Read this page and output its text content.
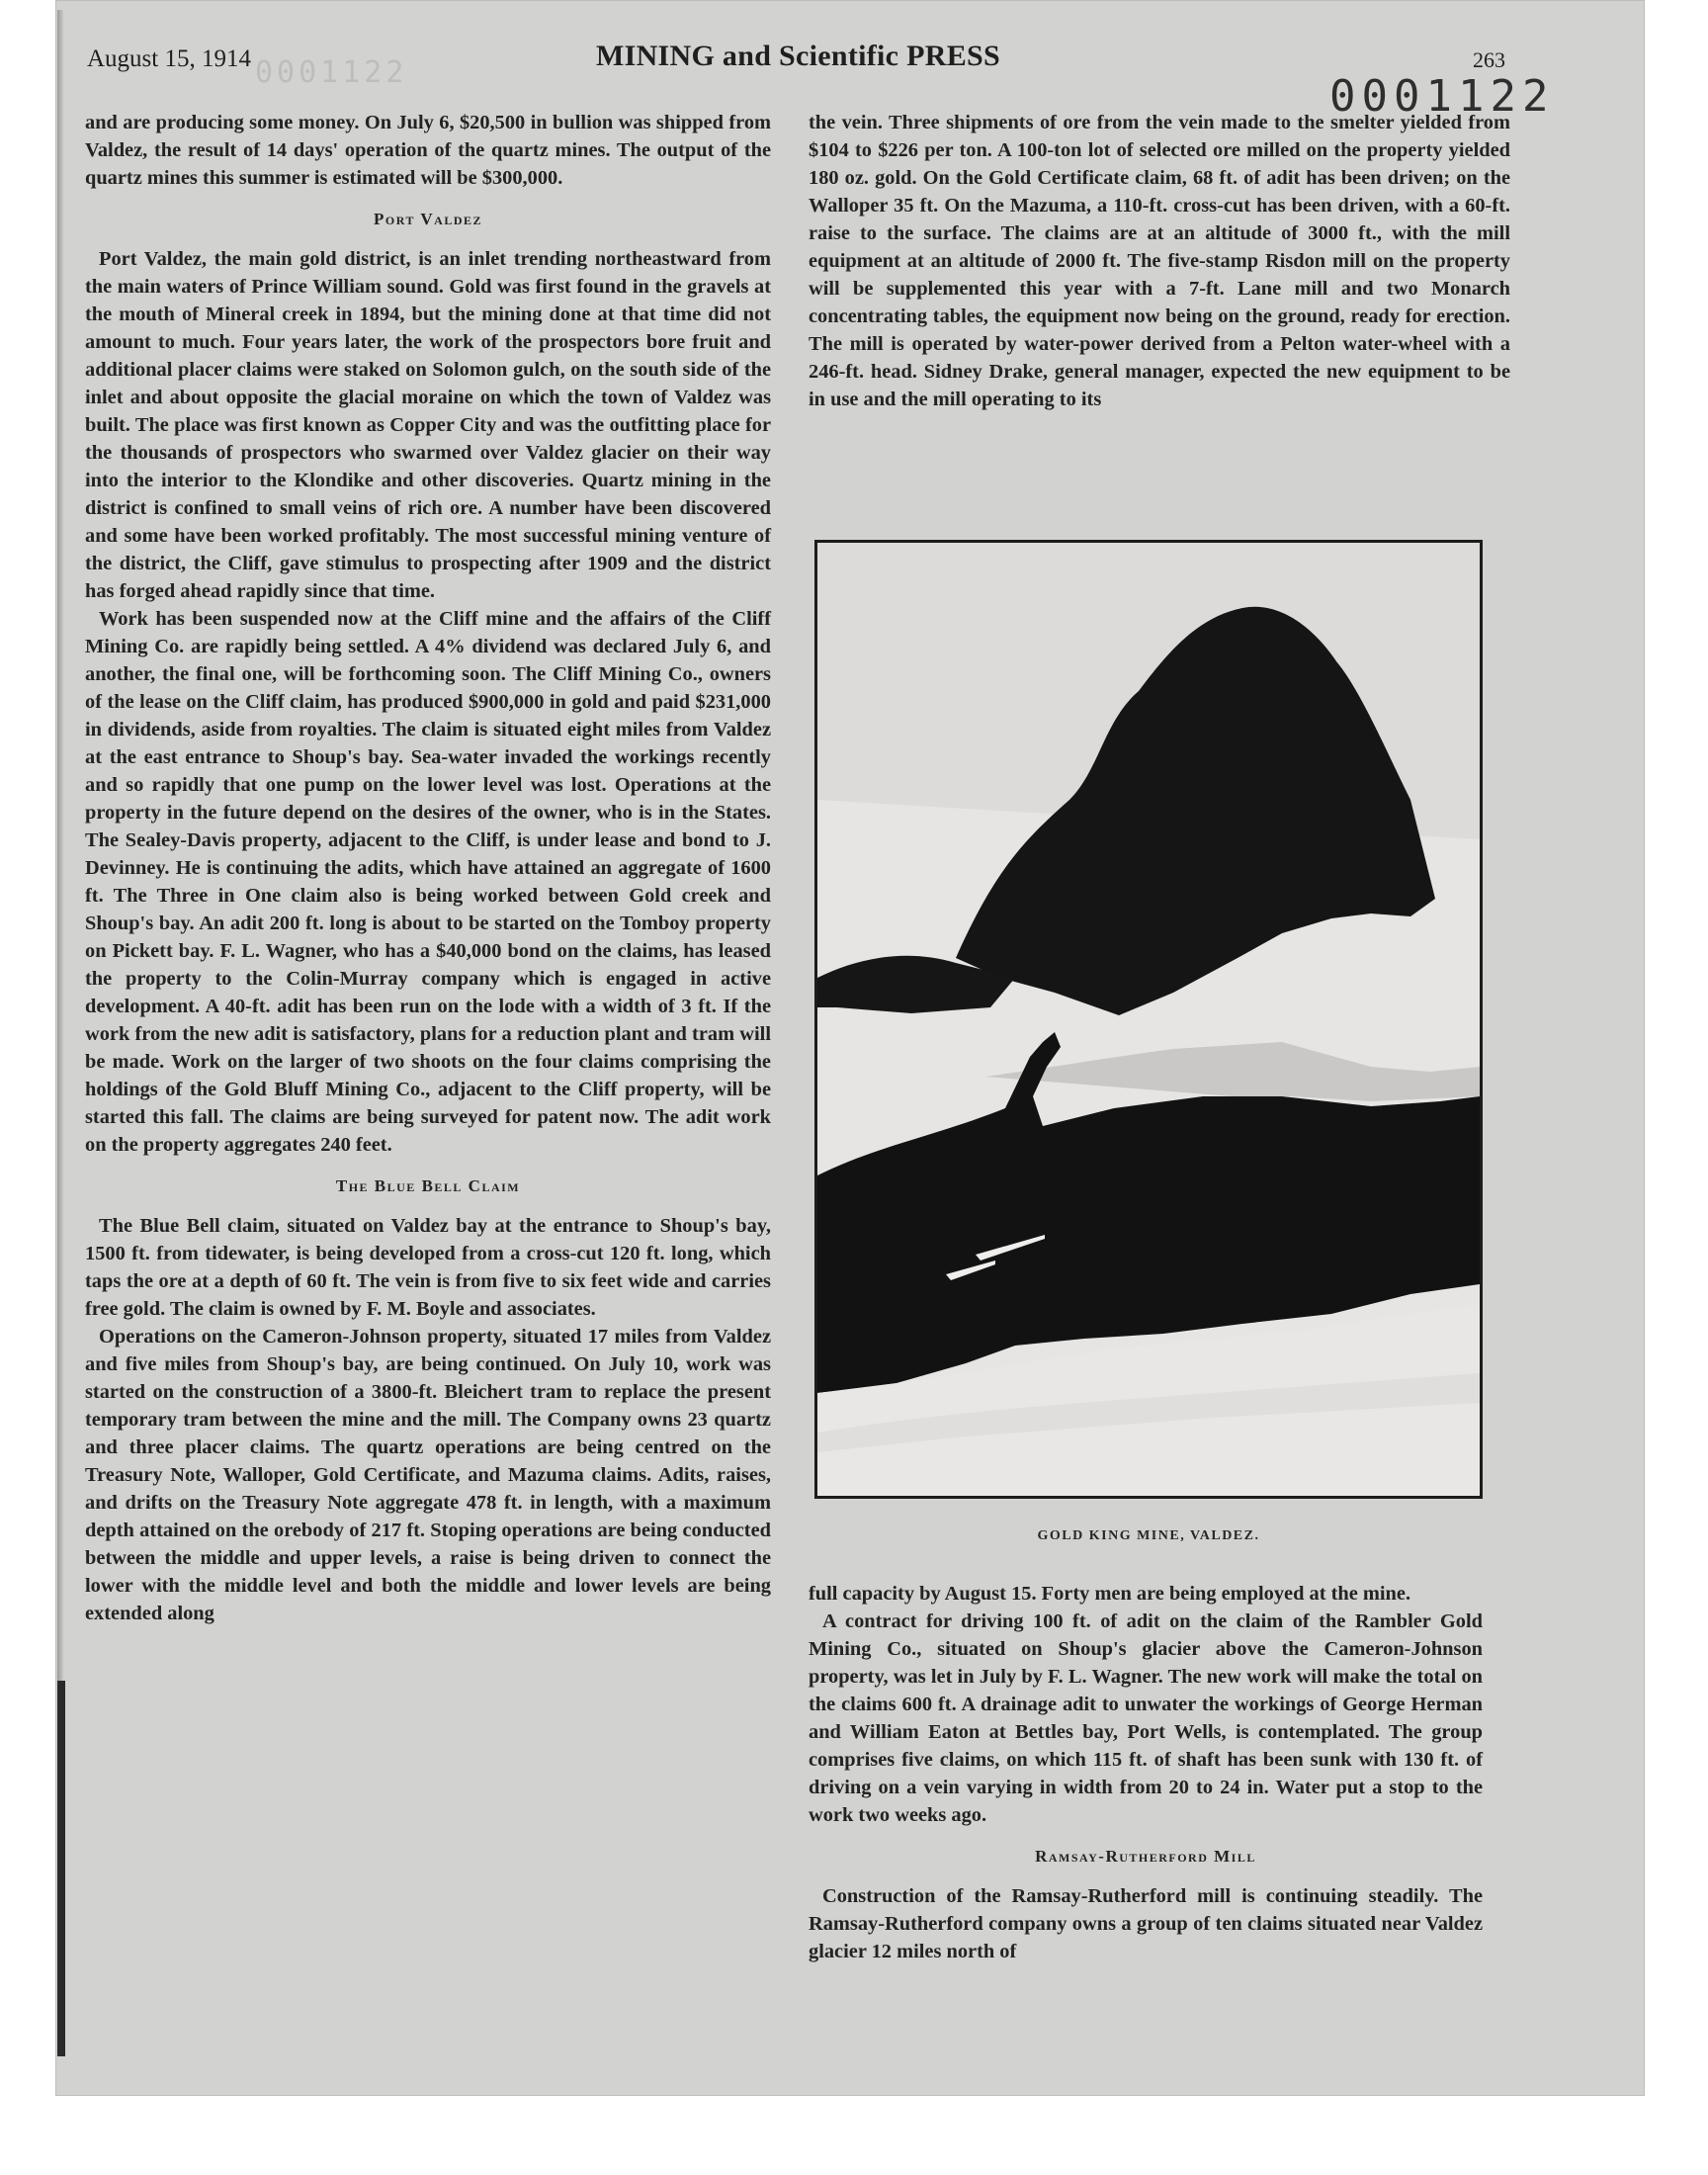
0001122
August 15, 1914	MINING and Scientific PRESS	263
0001122

and are producing some money. On July 6, $20,500 in bullion was shipped from Valdez, the result of 14 days' operation of the quartz mines. The output of the quartz mines this summer is estimated will be $300,000.

Port Valdez

Port Valdez, the main gold district, is an inlet trending northeastward from the main waters of Prince William sound. Gold was first found in the gravels at the mouth of Mineral creek in 1894, but the mining done at that time did not amount to much. Four years later, the work of the prospectors bore fruit and additional placer claims were staked on Solomon gulch, on the south side of the inlet and about opposite the glacial moraine on which the town of Valdez was built. The place was first known as Copper City and was the outfitting place for the thousands of prospectors who swarmed over Valdez glacier on their way into the interior to the Klondike and other discoveries. Quartz mining in the district is confined to small veins of rich ore. A number have been discovered and some have been worked profitably. The most successful mining venture of the district, the Cliff, gave stimulus to prospecting after 1909 and the district has forged ahead rapidly since that time.

Work has been suspended now at the Cliff mine and the affairs of the Cliff Mining Co. are rapidly being settled. A 4% dividend was declared July 6, and another, the final one, will be forthcoming soon. The Cliff Mining Co., owners of the lease on the Cliff claim, has produced $900,000 in gold and paid $231,000 in dividends, aside from royalties. The claim is situated eight miles from Valdez at the east entrance to Shoup's bay. Sea-water invaded the workings recently and so rapidly that one pump on the lower level was lost. Operations at the property in the future depend on the desires of the owner, who is in the States. The Sealey-Davis property, adjacent to the Cliff, is under lease and bond to J. Devinney. He is continuing the adits, which have attained an aggregate of 1600 ft. The Three in One claim also is being worked between Gold creek and Shoup's bay. An adit 200 ft. long is about to be started on the Tomboy property on Pickett bay. F. L. Wagner, who has a $40,000 bond on the claims, has leased the property to the Colin-Murray company which is engaged in active development. A 40-ft. adit has been run on the lode with a width of 3 ft. If the work from the new adit is satisfactory, plans for a reduction plant and tram will be made. Work on the larger of two shoots on the four claims comprising the holdings of the Gold Bluff Mining Co., adjacent to the Cliff property, will be started this fall. The claims are being surveyed for patent now. The adit work on the property aggregates 240 feet.

The Blue Bell Claim

The Blue Bell claim, situated on Valdez bay at the entrance to Shoup's bay, 1500 ft. from tidewater, is being developed from a cross-cut 120 ft. long, which taps the ore at a depth of 60 ft. The vein is from five to six feet wide and carries free gold. The claim is owned by F. M. Boyle and associates.

Operations on the Cameron-Johnson property, situated 17 miles from Valdez and five miles from Shoup's bay, are being continued. On July 10, work was started on the construction of a 3800-ft. Bleichert tram to replace the present temporary tram between the mine and the mill. The Company owns 23 quartz and three placer claims. The quartz operations are being centred on the Treasury Note, Walloper, Gold Certificate, and Mazuma claims. Adits, raises, and drifts on the Treasury Note aggregate 478 ft. in length, with a maximum depth attained on the orebody of 217 ft. Stoping operations are being conducted between the middle and upper levels, a raise is being driven to connect the lower with the middle level and both the middle and lower levels are being extended along

the vein. Three shipments of ore from the vein made to the smelter yielded from $104 to $226 per ton. A 100-ton lot of selected ore milled on the property yielded 180 oz. gold. On the Gold Certificate claim, 68 ft. of adit has been driven; on the Walloper 35 ft. On the Mazuma, a 110-ft. cross-cut has been driven, with a 60-ft. raise to the surface. The claims are at an altitude of 3000 ft., with the mill equipment at an altitude of 2000 ft. The five-stamp Risdon mill on the property will be supplemented this year with a 7-ft. Lane mill and two Monarch concentrating tables, the equipment now being on the ground, ready for erection. The mill is operated by water-power derived from a Pelton water-wheel with a 246-ft. head. Sidney Drake, general manager, expected the new equipment to be in use and the mill operating to its

GOLD KING MINE, VALDEZ.

full capacity by August 15. Forty men are being employed at the mine.

A contract for driving 100 ft. of adit on the claim of the Rambler Gold Mining Co., situated on Shoup's glacier above the Cameron-Johnson property, was let in July by F. L. Wagner. The new work will make the total on the claims 600 ft. A drainage adit to unwater the workings of George Herman and William Eaton at Bettles bay, Port Wells, is contemplated. The group comprises five claims, on which 115 ft. of shaft has been sunk with 130 ft. of driving on a vein varying in width from 20 to 24 in. Water put a stop to the work two weeks ago.

Ramsay-Rutherford Mill

Construction of the Ramsay-Rutherford mill is continuing steadily. The Ramsay-Rutherford company owns a group of ten claims situated near Valdez glacier 12 miles north of
